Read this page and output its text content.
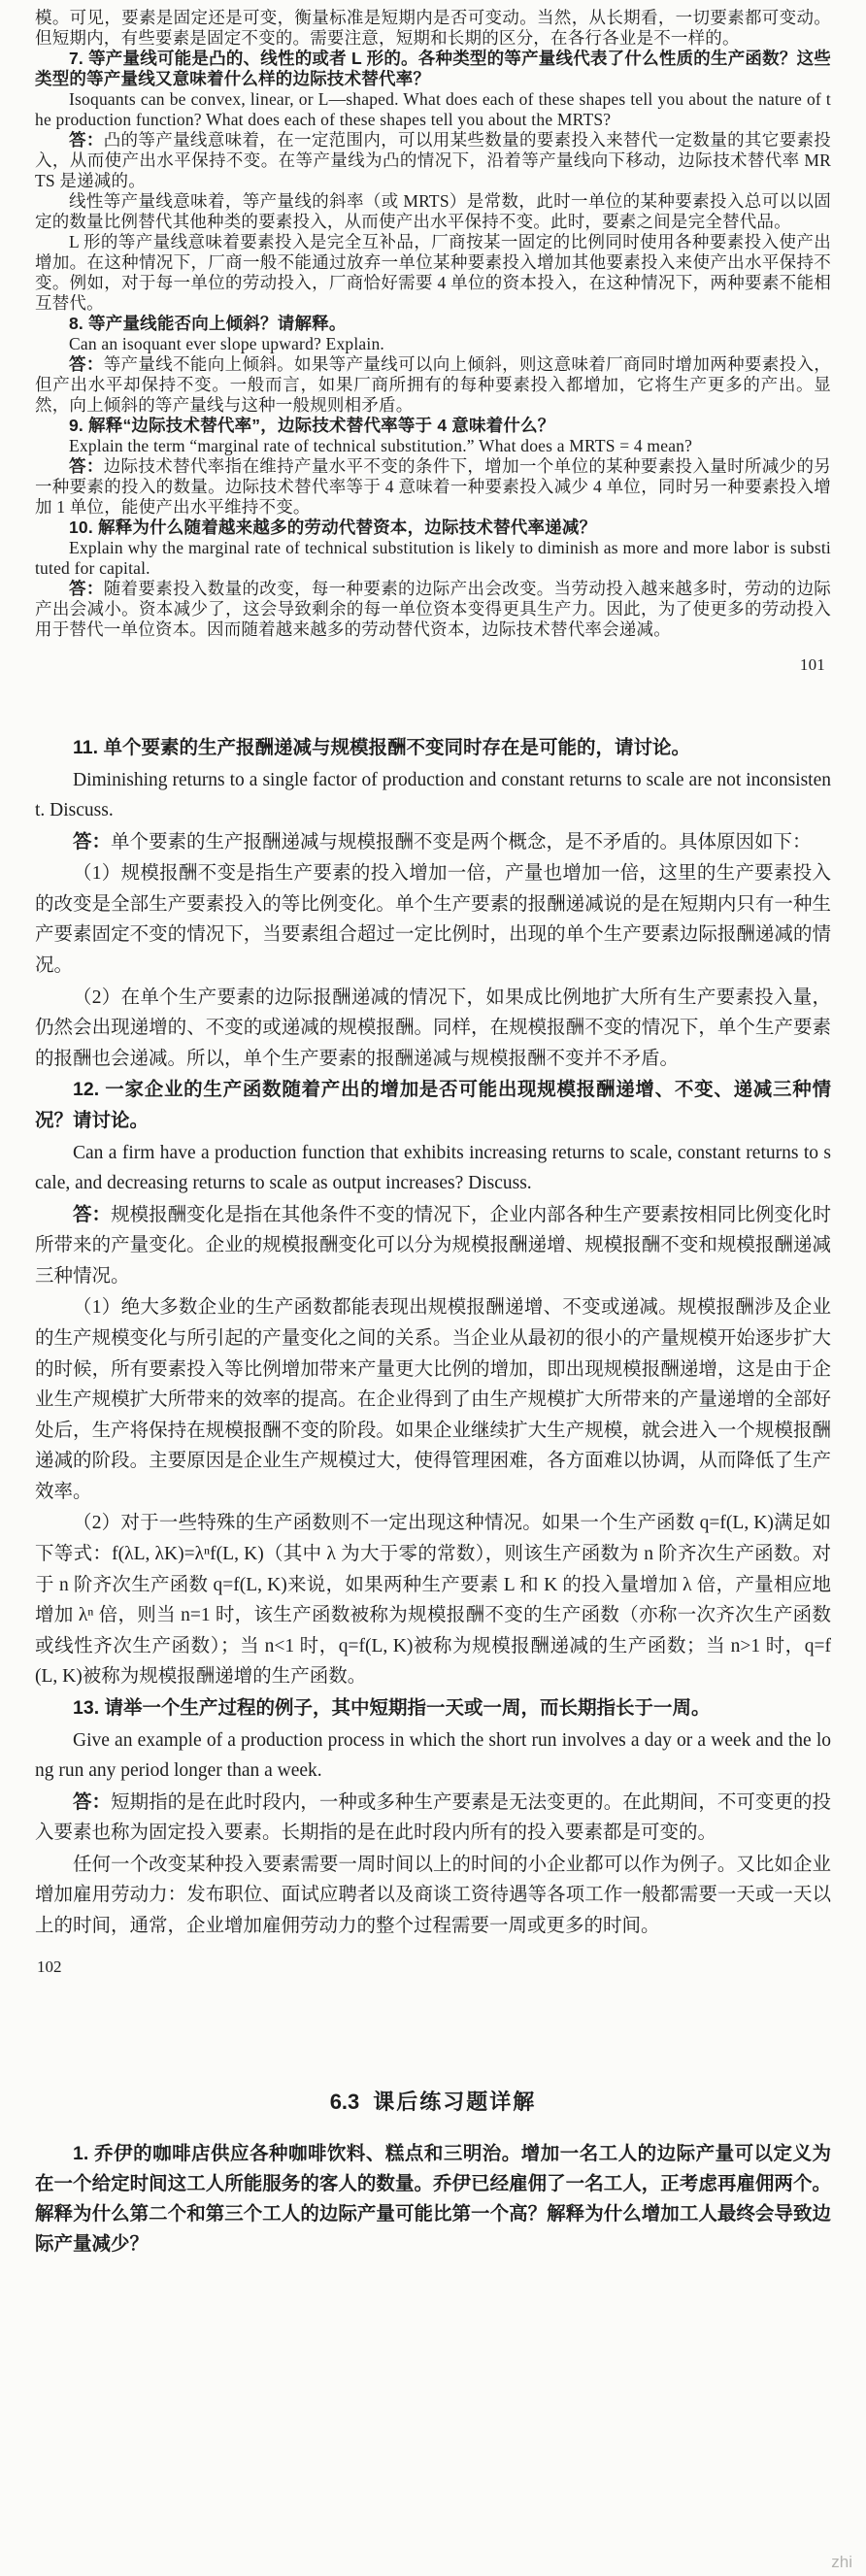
模。可见，要素是固定还是可变，衡量标准是短期内是否可变动。当然，从长期看，一切要素都可变动。但短期内，有些要素是固定不变的。需要注意，短期和长期的区分，在各行各业是不一样的。

7. 等产量线可能是凸的、线性的或者 L 形的。各种类型的等产量线代表了什么性质的生产函数？这些类型的等产量线又意味着什么样的边际技术替代率？

Isoquants can be convex, linear, or L—shaped. What does each of these shapes tell you about the nature of the production function? What does each of these shapes tell you about the MRTS?

答：凸的等产量线意味着，在一定范围内，可以用某些数量的要素投入来替代一定数量的其它要素投入，从而使产出水平保持不变。在等产量线为凸的情况下，沿着等产量线向下移动，边际技术替代率 MRTS 是递减的。

线性等产量线意味着，等产量线的斜率（或 MRTS）是常数，此时一单位的某种要素投入总可以以固定的数量比例替代其他种类的要素投入，从而使产出水平保持不变。此时，要素之间是完全替代品。

L 形的等产量线意味着要素投入是完全互补品，厂商按某一固定的比例同时使用各种要素投入使产出增加。在这种情况下，厂商一般不能通过放弃一单位某种要素投入增加其他要素投入来使产出水平保持不变。例如，对于每一单位的劳动投入，厂商恰好需要 4 单位的资本投入，在这种情况下，两种要素不能相互替代。

8. 等产量线能否向上倾斜？请解释。

Can an isoquant ever slope upward? Explain.

答：等产量线不能向上倾斜。如果等产量线可以向上倾斜，则这意味着厂商同时增加两种要素投入，但产出水平却保持不变。一般而言，如果厂商所拥有的每种要素投入都增加，它将生产更多的产出。显然，向上倾斜的等产量线与这种一般规则相矛盾。

9. 解释“边际技术替代率”，边际技术替代率等于 4 意味着什么？

Explain the term “marginal rate of technical substitution.” What does a MRTS = 4 mean?

答：边际技术替代率指在维持产量水平不变的条件下，增加一个单位的某种要素投入量时所减少的另一种要素的投入的数量。边际技术替代率等于 4 意味着一种要素投入减少 4 单位，同时另一种要素投入增加 1 单位，能使产出水平维持不变。

10. 解释为什么随着越来越多的劳动代替资本，边际技术替代率递减？

Explain why the marginal rate of technical substitution is likely to diminish as more and more labor is substituted for capital.

答：随着要素投入数量的改变，每一种要素的边际产出会改变。当劳动投入越来越多时，劳动的边际产出会减小。资本减少了，这会导致剩余的每一单位资本变得更具生产力。因此，为了使更多的劳动投入用于替代一单位资本。因而随着越来越多的劳动替代资本，边际技术替代率会递减。

101

11. 单个要素的生产报酬递减与规模报酬不变同时存在是可能的，请讨论。

Diminishing returns to a single factor of production and constant returns to scale are not inconsistent. Discuss.

答：单个要素的生产报酬递减与规模报酬不变是两个概念，是不矛盾的。具体原因如下：

（1）规模报酬不变是指生产要素的投入增加一倍，产量也增加一倍，这里的生产要素投入的改变是全部生产要素投入的等比例变化。单个生产要素的报酬递减说的是在短期内只有一种生产要素固定不变的情况下，当要素组合超过一定比例时，出现的单个生产要素边际报酬递减的情况。

（2）在单个生产要素的边际报酬递减的情况下，如果成比例地扩大所有生产要素投入量，仍然会出现递增的、不变的或递减的规模报酬。同样，在规模报酬不变的情况下，单个生产要素的报酬也会递减。所以，单个生产要素的报酬递减与规模报酬不变并不矛盾。

12. 一家企业的生产函数随着产出的增加是否可能出现规模报酬递增、不变、递减三种情况？请讨论。

Can a firm have a production function that exhibits increasing returns to scale, constant returns to scale, and decreasing returns to scale as output increases? Discuss.

答：规模报酬变化是指在其他条件不变的情况下，企业内部各种生产要素按相同比例变化时所带来的产量变化。企业的规模报酬变化可以分为规模报酬递增、规模报酬不变和规模报酬递减三种情况。

（1）绝大多数企业的生产函数都能表现出规模报酬递增、不变或递减。规模报酬涉及企业的生产规模变化与所引起的产量变化之间的关系。当企业从最初的很小的产量规模开始逐步扩大的时候，所有要素投入等比例增加带来产量更大比例的增加，即出现规模报酬递增，这是由于企业生产规模扩大所带来的效率的提高。在企业得到了由生产规模扩大所带来的产量递增的全部好处后，生产将保持在规模报酬不变的阶段。如果企业继续扩大生产规模，就会进入一个规模报酬递减的阶段。主要原因是企业生产规模过大，使得管理困难，各方面难以协调，从而降低了生产效率。

（2）对于一些特殊的生产函数则不一定出现这种情况。如果一个生产函数 q=f(L, K)满足如下等式：f(λL, λK)=λⁿf(L, K)（其中 λ 为大于零的常数），则该生产函数为 n 阶齐次生产函数。对于 n 阶齐次生产函数 q=f(L, K)来说，如果两种生产要素 L 和 K 的投入量增加 λ 倍，产量相应地增加 λⁿ 倍，则当 n=1 时，该生产函数被称为规模报酬不变的生产函数（亦称一次齐次生产函数或线性齐次生产函数）；当 n<1 时，q=f(L, K)被称为规模报酬递减的生产函数；当 n>1 时，q=f(L, K)被称为规模报酬递增的生产函数。

13. 请举一个生产过程的例子，其中短期指一天或一周，而长期指长于一周。

Give an example of a production process in which the short run involves a day or a week and the long run any period longer than a week.

答：短期指的是在此时段内，一种或多种生产要素是无法变更的。在此期间，不可变更的投入要素也称为固定投入要素。长期指的是在此时段内所有的投入要素都是可变的。

任何一个改变某种投入要素需要一周时间以上的时间的小企业都可以作为例子。又比如企业增加雇用劳动力：发布职位、面试应聘者以及商谈工资待遇等各项工作一般都需要一天或一天以上的时间，通常，企业增加雇佣劳动力的整个过程需要一周或更多的时间。

102
6.3 课后练习题详解

1. 乔伊的咖啡店供应各种咖啡饮料、糕点和三明治。增加一名工人的边际产量可以定义为在一个给定时间这工人所能服务的客人的数量。乔伊已经雇佣了一名工人，正考虑再雇佣两个。解释为什么第二个和第三个工人的边际产量可能比第一个高？解释为什么增加工人最终会导致边际产量减少？

zhi
